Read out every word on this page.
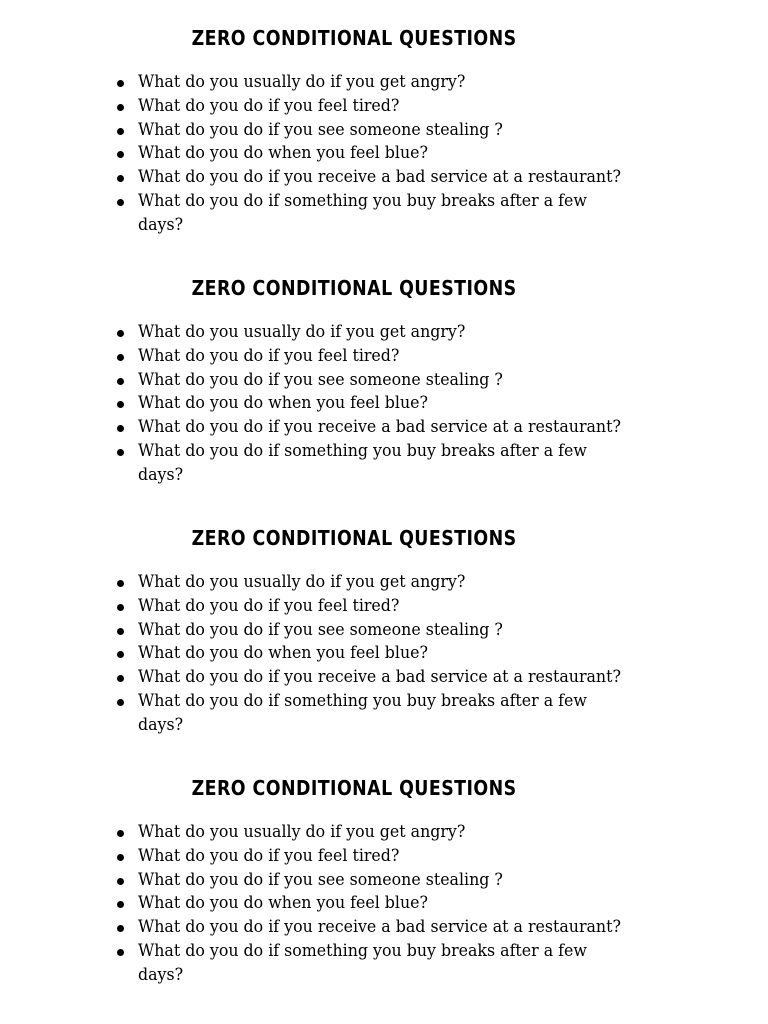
ZERO CONDITIONAL QUESTIONS
What do you usually do if you get angry?
What do you do if you feel tired?
What do you do if you see someone stealing ?
What do you do when you feel blue?
What do you do if you receive a bad service at a restaurant?
What do you do if something you buy breaks after a few days?
ZERO CONDITIONAL QUESTIONS
What do you usually do if you get angry?
What do you do if you feel tired?
What do you do if you see someone stealing ?
What do you do when you feel blue?
What do you do if you receive a bad service at a restaurant?
What do you do if something you buy breaks after a few days?
ZERO CONDITIONAL QUESTIONS
What do you usually do if you get angry?
What do you do if you feel tired?
What do you do if you see someone stealing ?
What do you do when you feel blue?
What do you do if you receive a bad service at a restaurant?
What do you do if something you buy breaks after a few days?
ZERO CONDITIONAL QUESTIONS
What do you usually do if you get angry?
What do you do if you feel tired?
What do you do if you see someone stealing ?
What do you do when you feel blue?
What do you do if you receive a bad service at a restaurant?
What do you do if something you buy breaks after a few days?
